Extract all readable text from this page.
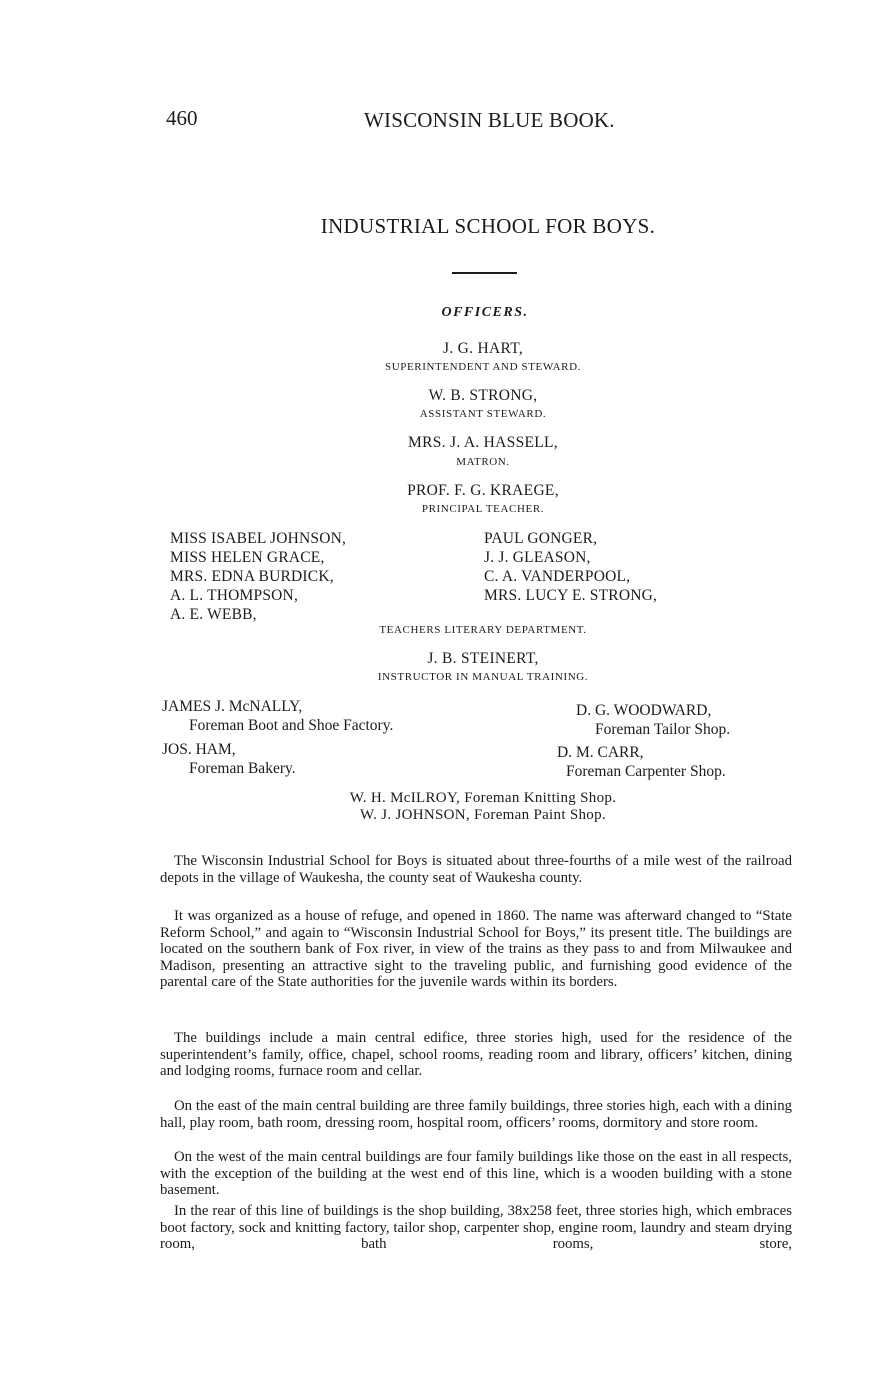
460	WISCONSIN BLUE BOOK.
INDUSTRIAL SCHOOL FOR BOYS.
OFFICERS.
J. G. HART,
SUPERINTENDENT AND STEWARD.
W. B. STRONG,
ASSISTANT STEWARD.
MRS. J. A. HASSELL,
MATRON.
PROF. F. G. KRAEGE,
PRINCIPAL TEACHER.
MISS ISABEL JOHNSON,
MISS HELEN GRACE,
MRS. EDNA BURDICK,
A. L. THOMPSON,
A. E. WEBB,
PAUL GONGER,
J. J. GLEASON,
C. A. VANDERPOOL,
MRS. LUCY E. STRONG,
TEACHERS LITERARY DEPARTMENT.
J. B. STEINERT,
INSTRUCTOR IN MANUAL TRAINING.
JAMES J. McNALLY,
Foreman Boot and Shoe Factory.
D. G. WOODWARD,
Foreman Tailor Shop.
JOS. HAM,
Foreman Bakery.
D. M. CARR,
Foreman Carpenter Shop.
W. H. McILROY, Foreman Knitting Shop.
W. J. JOHNSON, Foreman Paint Shop.

The Wisconsin Industrial School for Boys is situated about three-fourths of a mile west of the railroad depots in the village of Waukesha, the county seat of Waukesha county.

It was organized as a house of refuge, and opened in 1860. The name was afterward changed to “State Reform School,” and again to “Wisconsin Industrial School for Boys,” its present title. The buildings are located on the southern bank of Fox river, in view of the trains as they pass to and from Milwaukee and Madison, presenting an attractive sight to the traveling public, and furnishing good evidence of the parental care of the State authorities for the juvenile wards within its borders.

The buildings include a main central edifice, three stories high, used for the residence of the superintendent’s family, office, chapel, school rooms, reading room and library, officers’ kitchen, dining and lodging rooms, furnace room and cellar.

On the east of the main central building are three family buildings, three stories high, each with a dining hall, play room, bath room, dressing room, hospital room, officers’ rooms, dormitory and store room.

On the west of the main central buildings are four family buildings like those on the east in all respects, with the exception of the building at the west end of this line, which is a wooden building with a stone basement.

In the rear of this line of buildings is the shop building, 38x258 feet, three stories high, which embraces boot factory, sock and knitting factory, tailor shop, carpenter shop, engine room, laundry and steam drying room, bath rooms, store,
